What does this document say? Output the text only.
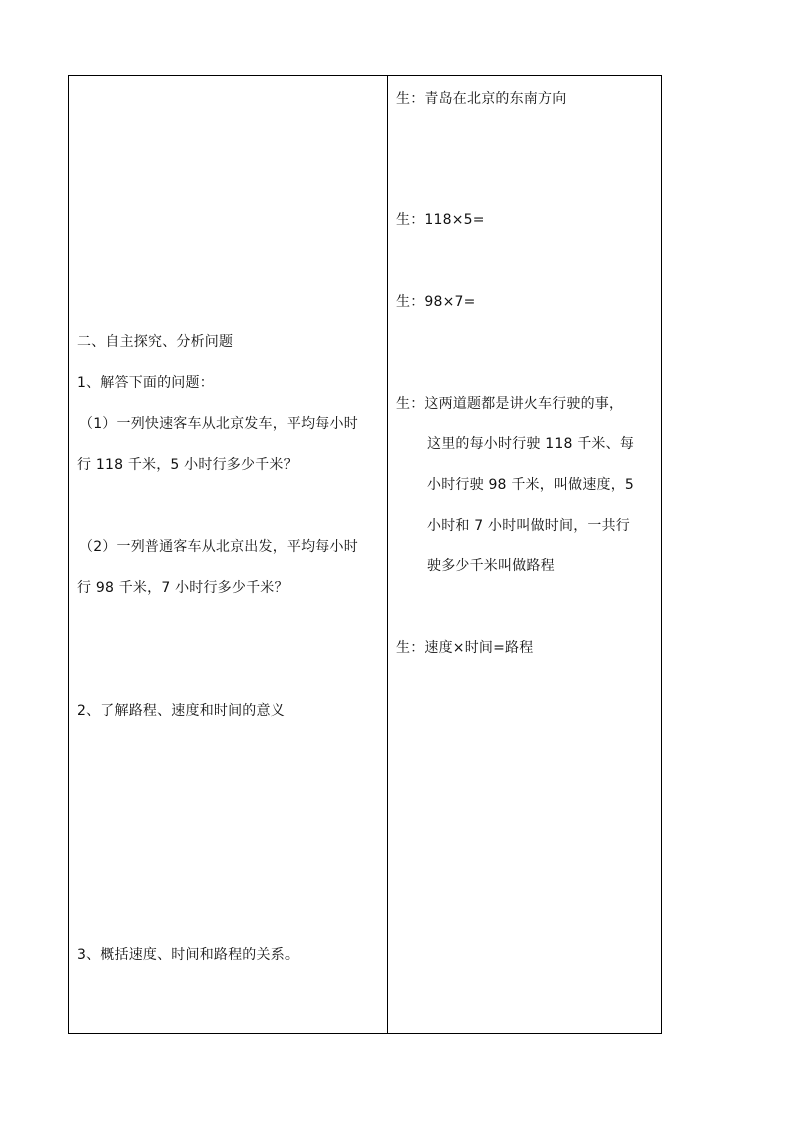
二、自主探究、分析问题
1、解答下面的问题：
（1）一列快速客车从北京发车，平均每小时
行 118 千米，5 小时行多少千米？
（2）一列普通客车从北京出发，平均每小时
行 98 千米，7 小时行多少千米？
2、了解路程、速度和时间的意义
3、概括速度、时间和路程的关系。
生：青岛在北京的东南方向
生：118×5=
生：98×7=
生：这两道题都是讲火车行驶的事，
这里的每小时行驶 118 千米、每
小时行驶 98 千米，叫做速度，5
小时和 7 小时叫做时间，一共行
驶多少千米叫做路程
生：速度×时间=路程
